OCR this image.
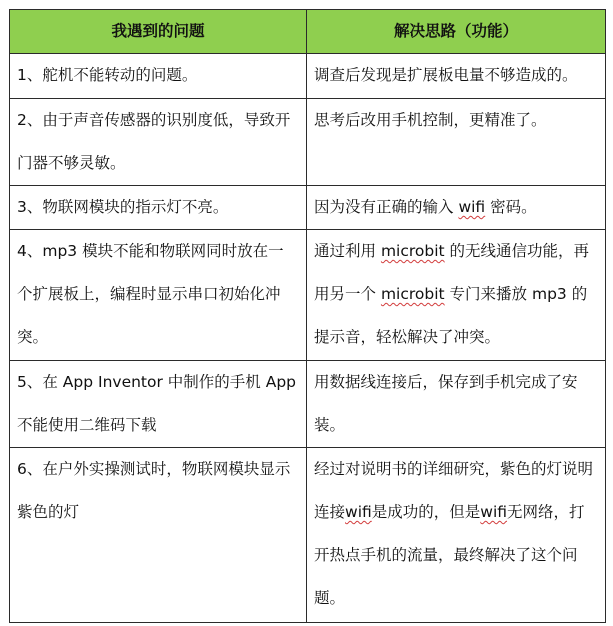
我遇到的问题	解决思路（功能）
1、舵机不能转动的问题。	调查后发现是扩展板电量不够造成的。
2、由于声音传感器的识别度低，导致开门器不够灵敏。	思考后改用手机控制，更精准了。
3、物联网模块的指示灯不亮。	因为没有正确的输入 wifi 密码。
4、mp3 模块不能和物联网同时放在一个扩展板上，编程时显示串口初始化冲突。	通过利用 microbit 的无线通信功能，再用另一个 microbit 专门来播放 mp3 的提示音，轻松解决了冲突。
5、在 App Inventor 中制作的手机 App 不能使用二维码下载	用数据线连接后，保存到手机完成了安装。
6、在户外实操测试时，物联网模块显示紫色的灯	经过对说明书的详细研究，紫色的灯说明连接wifi是成功的，但是wifi无网络，打开热点手机的流量，最终解决了这个问题。
